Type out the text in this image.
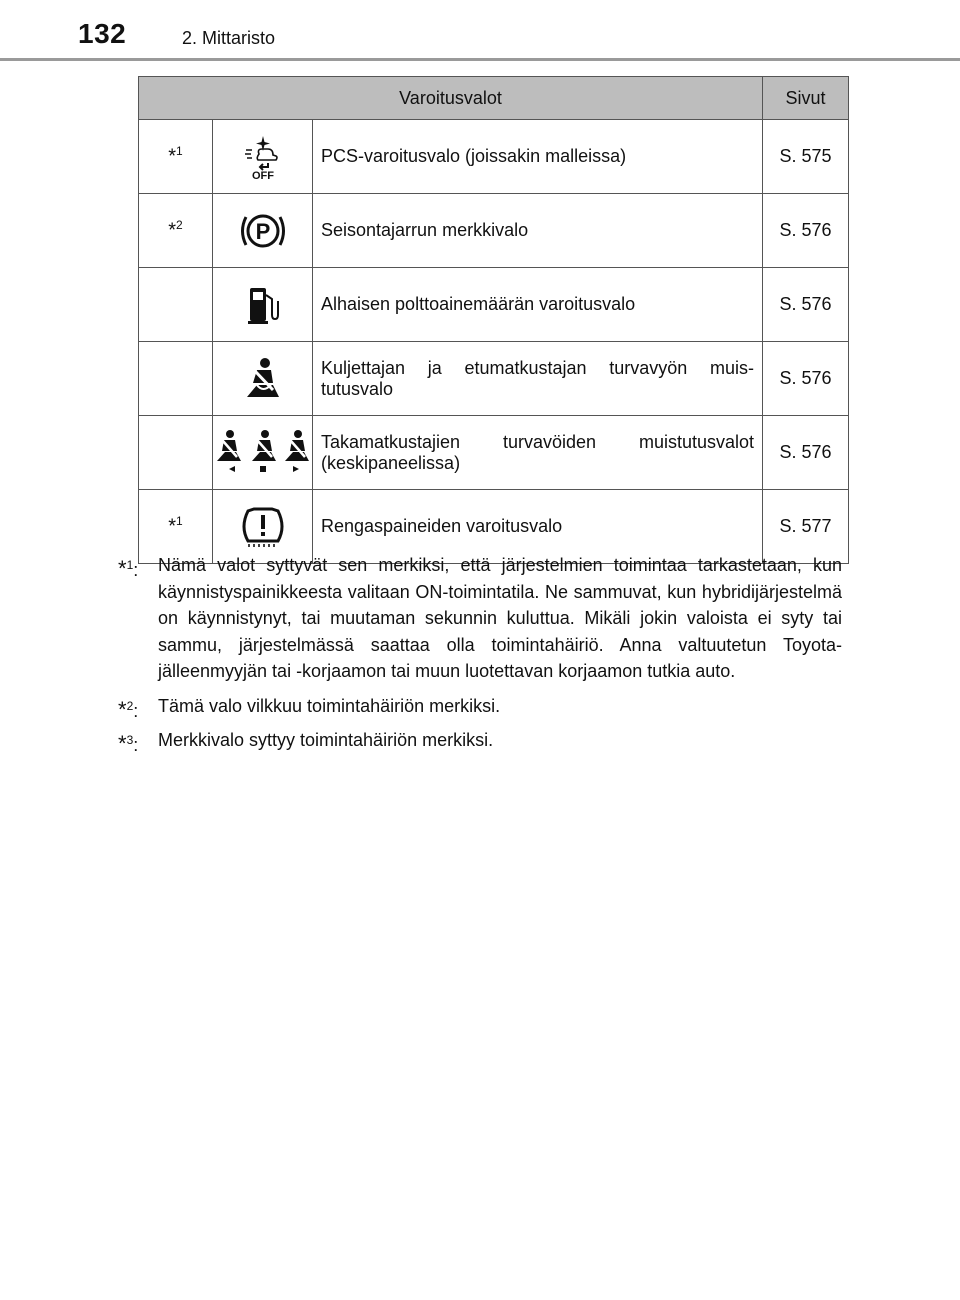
132	2. Mittaristo
Varoitusvalot			Sivut
*$^1$	OFF	PCS-varoitusvalo (joissakin malleissa)	S. 575
*$^2$	P	Seisontajarrun merkkivalo	S. 576
		Alhaisen polttoainemäärän varoitusvalo	S. 576
		Kuljettajan ja etumatkustajan turvavyön muis-tutusvalo	S. 576
		Takamatkustajien turvavöiden muistutusvalot (keskipaneelissa)	S. 576
*$^1$		Rengaspaineiden varoitusvalo	S. 577
*$^1$: Nämä valot syttyvät sen merkiksi, että järjestelmien toimintaa tarkastetaan, kun käynnistyspainikkeesta valitaan ON-toimintatila. Ne sammuvat, kun hybridijärjestelmä on käynnistynyt, tai muutaman sekunnin kuluttua. Mikäli jokin valoista ei syty tai sammu, järjestelmässä saattaa olla toimintahäiriö. Anna valtuutetun Toyota-jälleenmyyjän tai -korjaamon tai muun luotettavan korjaamon tutkia auto.
*$^2$: Tämä valo vilkkuu toimintahäiriön merkiksi.
*$^3$: Merkkivalo syttyy toimintahäiriön merkiksi.
